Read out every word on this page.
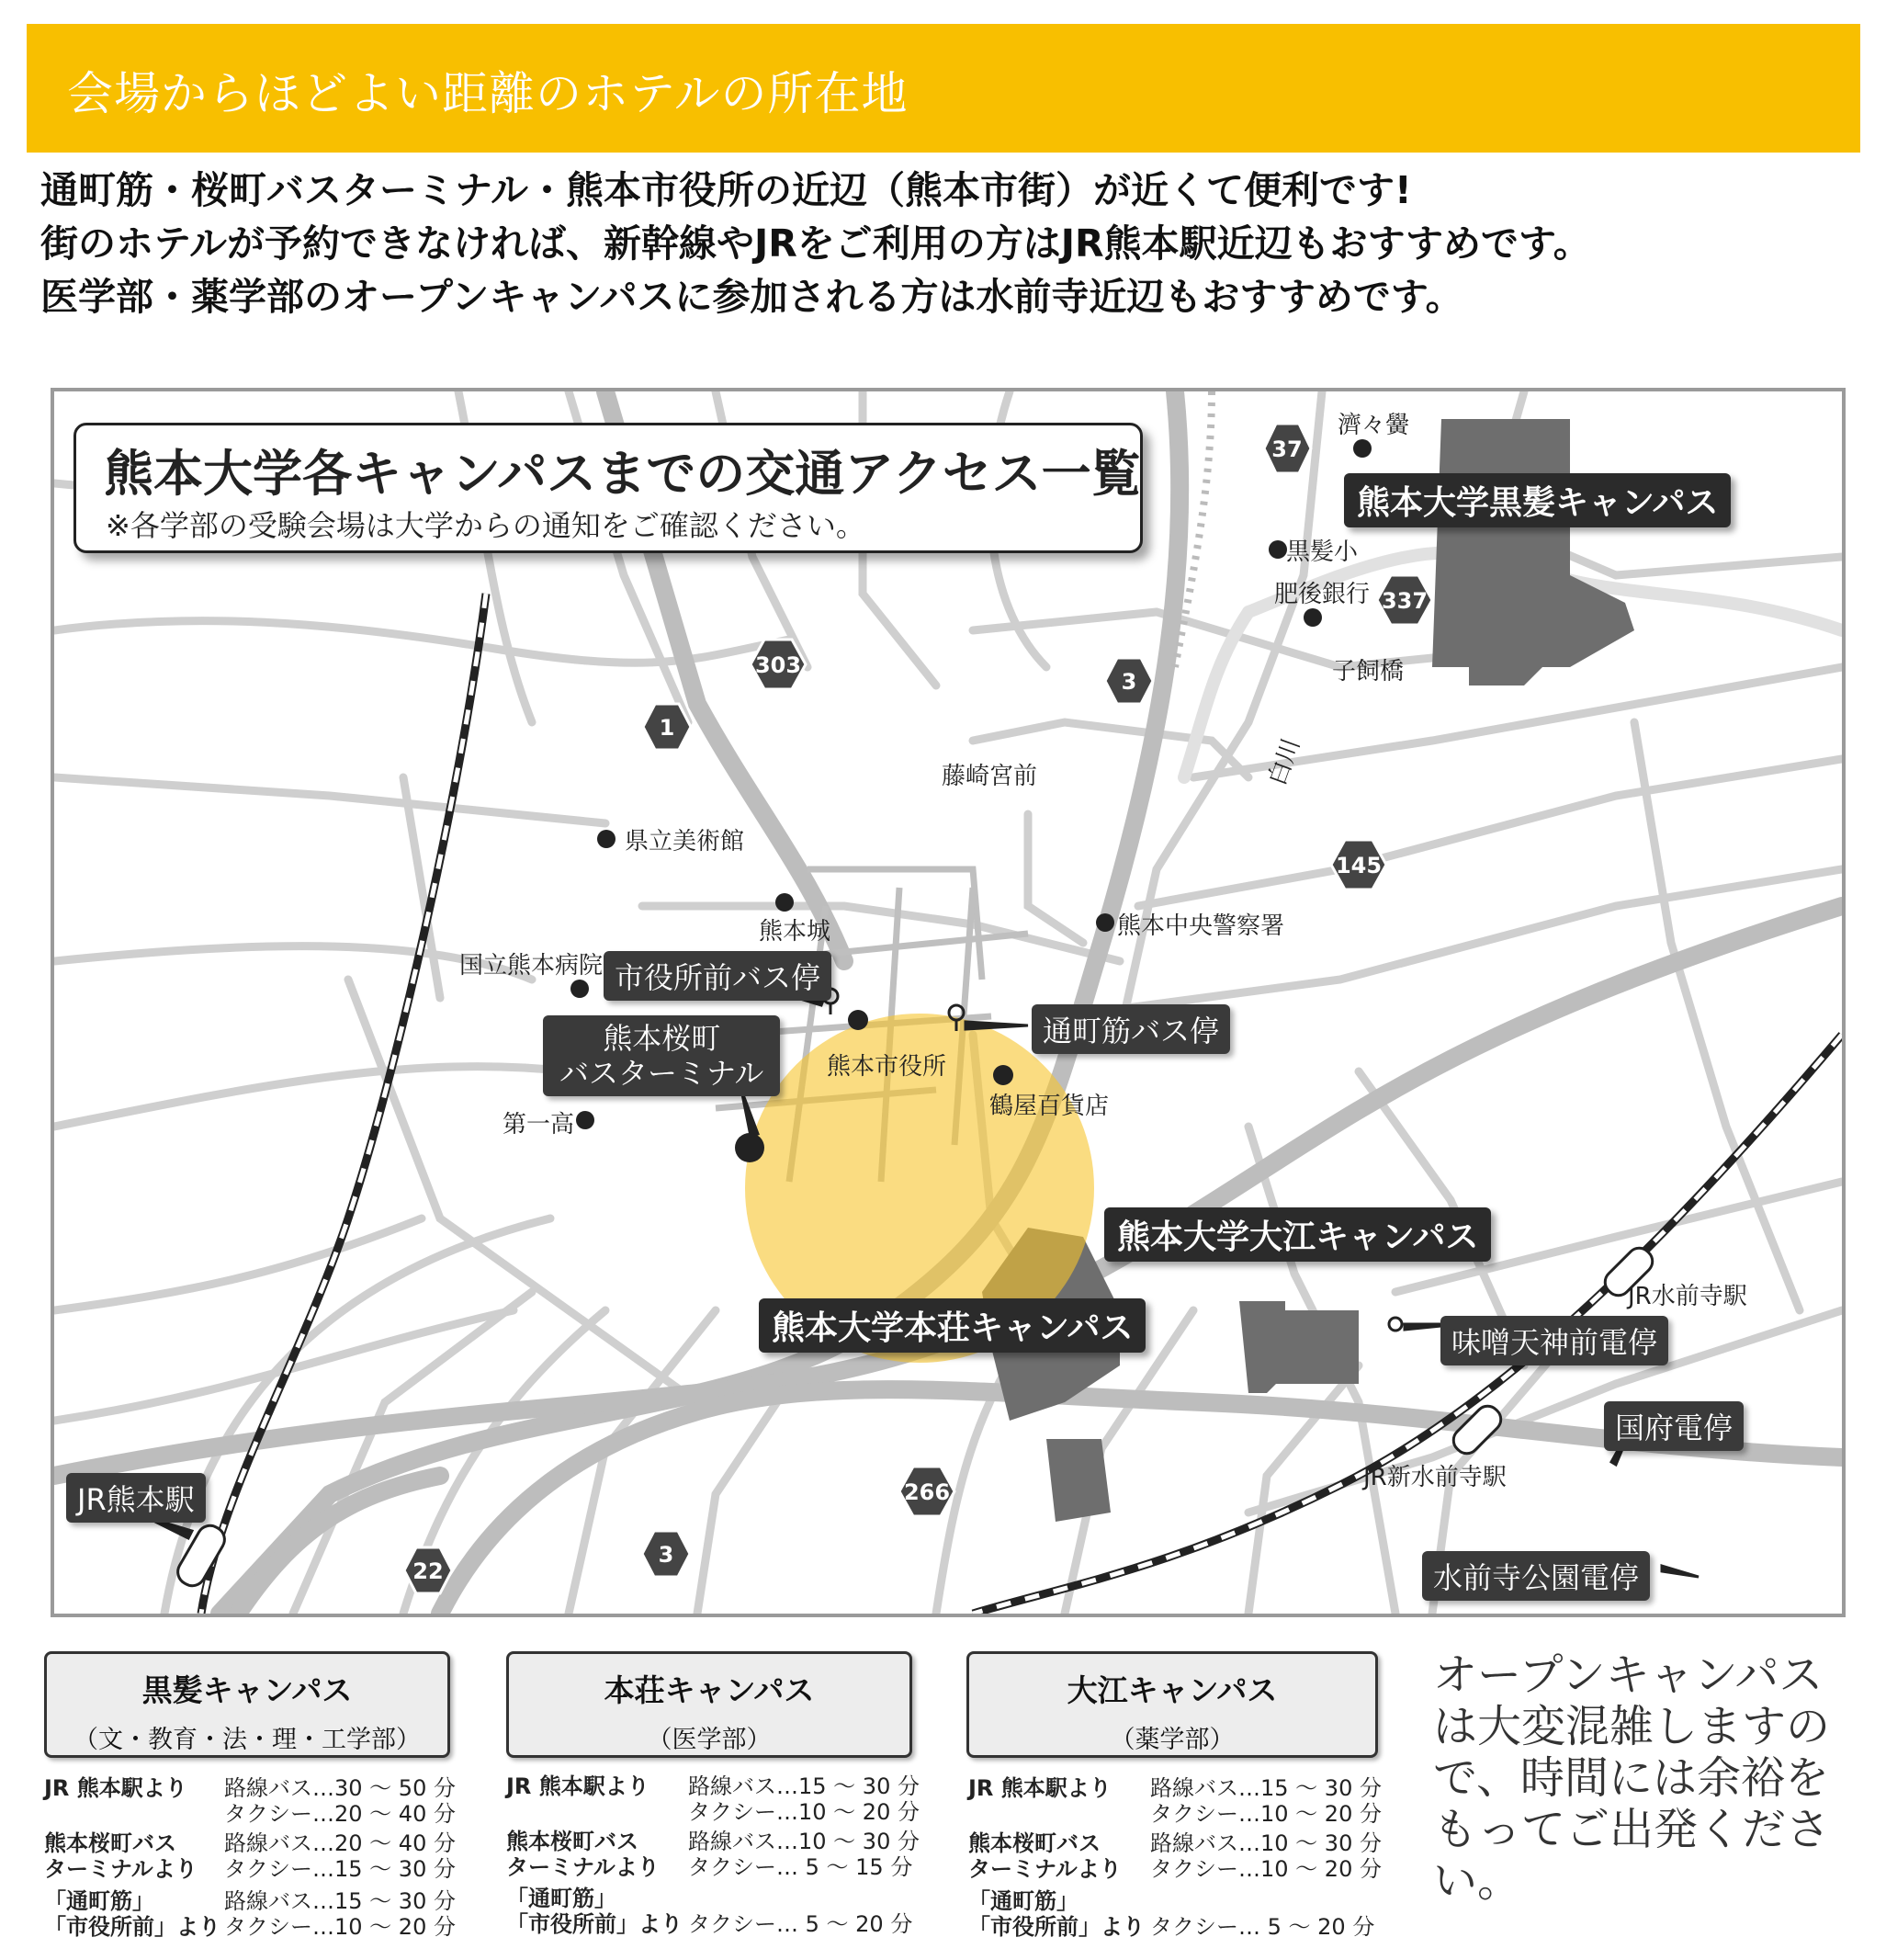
会場からほどよい距離のホテルの所在地
通町筋・桜町バスターミナル・熊本市役所の近辺（熊本市街）が近くて便利です!
街のホテルが予約できなければ、新幹線やJRをご利用の方はJR熊本駅近辺もおすすめです。
医学部・薬学部のオープンキャンパスに参加される方は水前寺近辺もおすすめです。
37
337
303
3
1
145
266
22
3
熊本大学各キャンパスまでの交通アクセス一覧
※各学部の受験会場は大学からの通知をご確認ください。
熊本大学黒髪キャンパス
熊本大学大江キャンパス
熊本大学本荘キャンパス
市役所前バス停
熊本桜町
バスターミナル
通町筋バス停
JR熊本駅
味噌天神前電停
国府電停
水前寺公園電停
濟々黌
黒髪小
肥後銀行
子飼橋
藤崎宮前	白川
県立美術館
熊本城	熊本中央警察署
国立熊本病院
熊本市役所
鶴屋百貨店
第一高
JR水前寺駅
JR新水前寺駅
黒髪キャンパス
（文・教育・法・理・工学部）
本荘キャンパス
（医学部）
大江キャンパス
（薬学部）
JR 熊本駅より 路線バス…30 ～ 50 分
タクシー…20 ～ 40 分
熊本桜町バス
ターミナルより
路線バス…20 ～ 40 分
タクシー…15 ～ 30 分
「通町筋」
「市役所前」より
路線バス…15 ～ 30 分
タクシー…10 ～ 20 分
JR 熊本駅より 路線バス…15 ～ 30 分
タクシー…10 ～ 20 分
熊本桜町バス
ターミナルより
路線バス…10 ～ 30 分
タクシー… 5 ～ 15 分
「通町筋」
「市役所前」より タクシー… 5 ～ 20 分
JR 熊本駅より 路線バス…15 ～ 30 分
タクシー…10 ～ 20 分
熊本桜町バス
ターミナルより
路線バス…10 ～ 30 分
タクシー…10 ～ 20 分
「通町筋」
「市役所前」より タクシー… 5 ～ 20 分
オープンキャンパスは大変混雑しますので、時間には余裕をもってご出発ください。
